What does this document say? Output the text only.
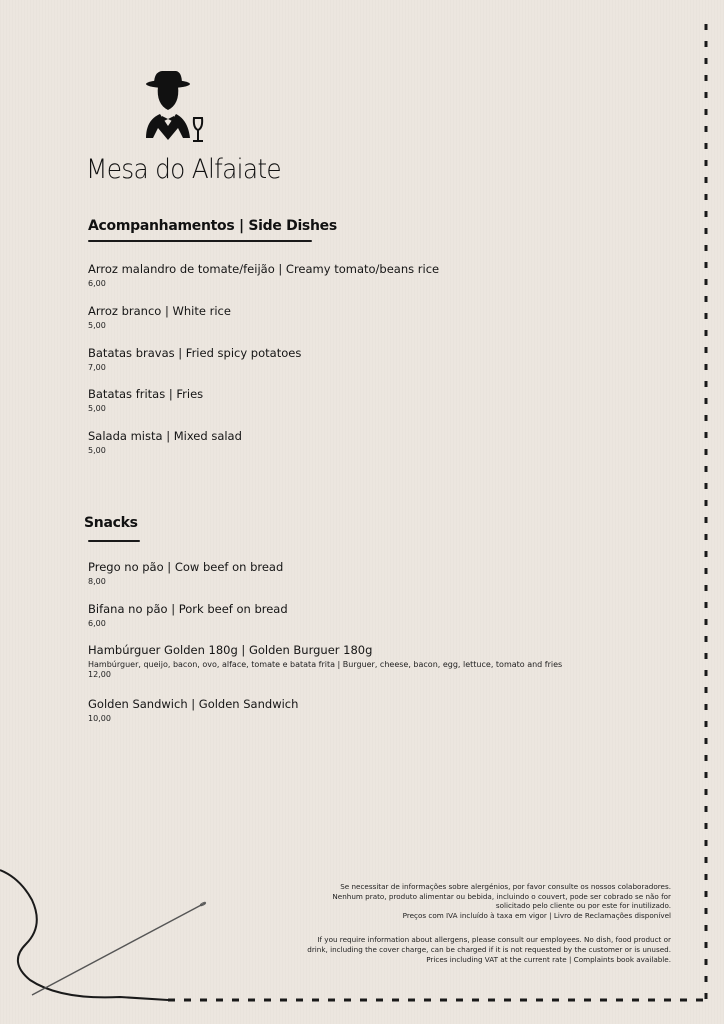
Mesa do Alfaiate
Acompanhamentos | Side Dishes
Arroz malandro de tomate/feijão | Creamy tomato/beans rice
6,00
Arroz branco | White rice
5,00
Batatas bravas | Fried spicy potatoes
7,00
Batatas fritas | Fries
5,00
Salada mista | Mixed salad
5,00
Snacks
Prego no pão | Cow beef on bread
8,00
Bifana no pão | Pork beef on bread
6,00
Hambúrguer Golden 180g | Golden Burguer 180g
Hambúrguer, queijo, bacon, ovo, alface, tomate e batata frita | Burguer, cheese, bacon, egg, lettuce, tomato and fries
12,00
Golden Sandwich | Golden Sandwich
10,00

Se necessitar de informações sobre alergénios, por favor consulte os nossos colaboradores.

Nenhum prato, produto alimentar ou bebida, incluindo o couvert, pode ser cobrado se não for

solicitado pelo cliente ou por este for inutilizado.

Preços com IVA incluído à taxa em vigor | Livro de Reclamações disponível

If you require information about allergens, please consult our employees. No dish, food product or

drink, including the cover charge, can be charged if it is not requested by the customer or is unused.

Prices including VAT at the current rate | Complaints book available.
